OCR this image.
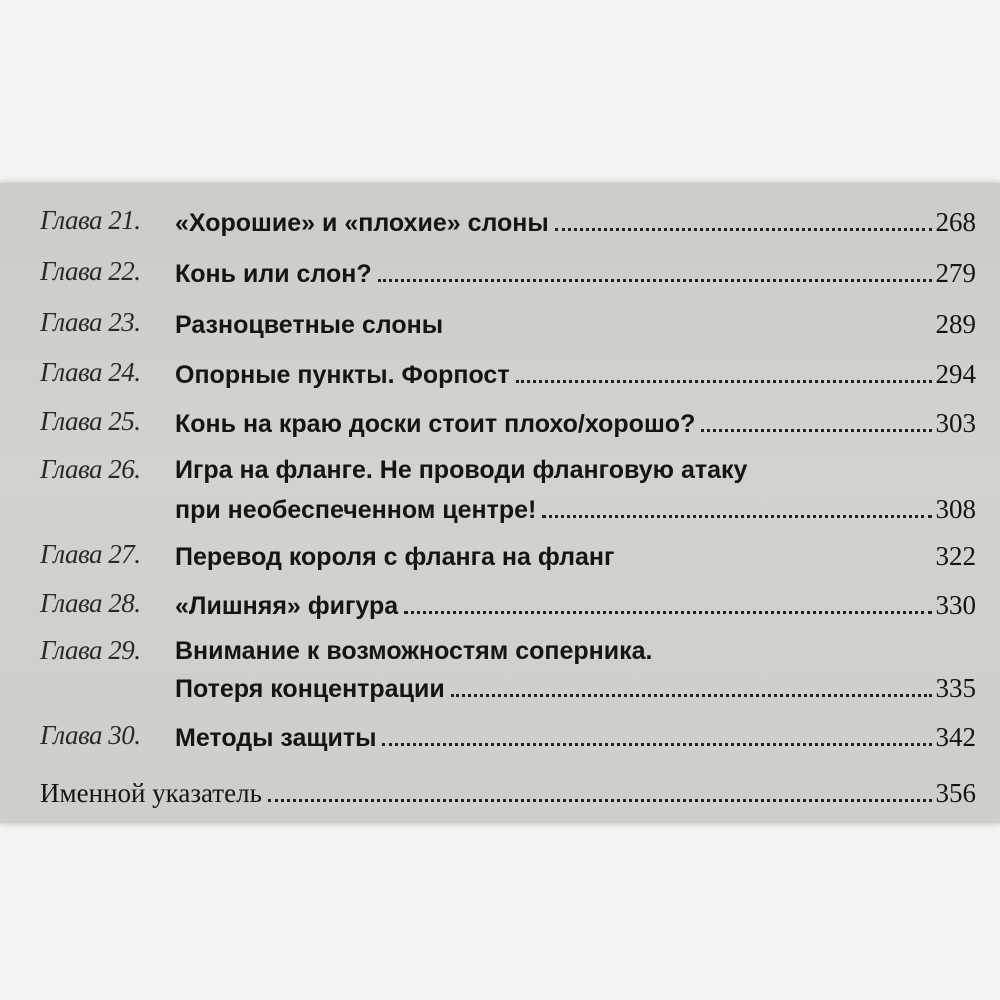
Глава 21. «Хорошие» и «плохие» слоны	268
Глава 22. Конь или слон?	279
Глава 23. Разноцветные слоны	289
Глава 24. Опорные пункты. Форпост	294
Глава 25. Конь на краю доски стоит плохо/хорошо?	303
Глава 26. Игра на фланге. Не проводи фланговую атаку
при необеспеченном центре!	308
Глава 27. Перевод короля с фланга на фланг	322
Глава 28. «Лишняя» фигура	330
Глава 29. Внимание к возможностям соперника.
Потеря концентрации	335
Глава 30. Методы защиты	342
Именной указатель	356
